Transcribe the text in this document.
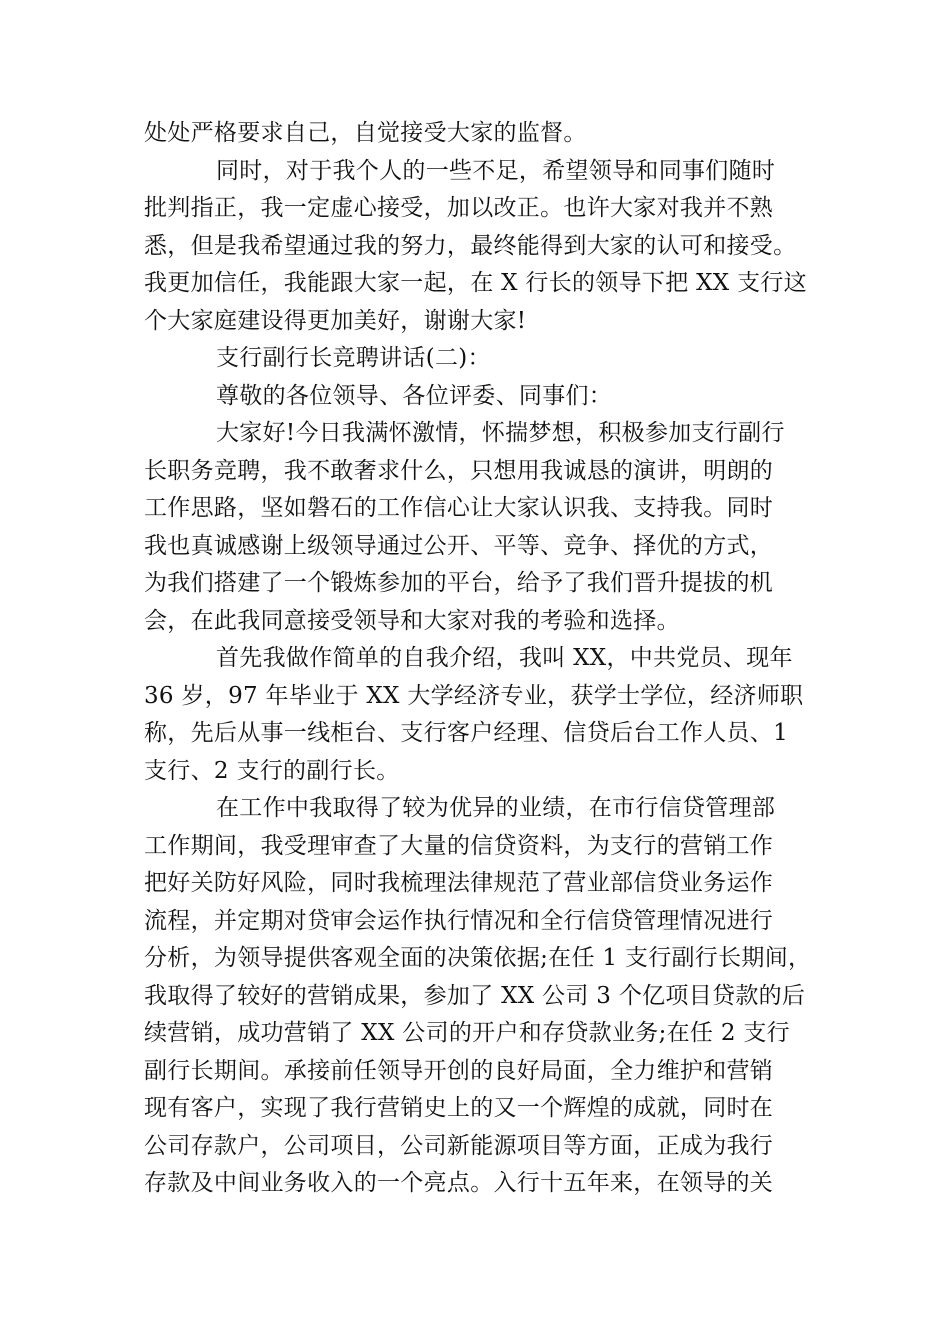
处处严格要求自己，自觉接受大家的监督。
同时，对于我个人的一些不足，希望领导和同事们随时
批判指正，我一定虚心接受，加以改正。也许大家对我并不熟
悉，但是我希望通过我的努力，最终能得到大家的认可和接受。
我更加信任，我能跟大家一起，在 X 行长的领导下把 XX 支行这
个大家庭建设得更加美好，谢谢大家!
支行副行长竞聘讲话(二)：
尊敬的各位领导、各位评委、同事们：
大家好!今日我满怀激情，怀揣梦想，积极参加支行副行
长职务竞聘，我不敢奢求什么，只想用我诚恳的演讲，明朗的
工作思路，坚如磐石的工作信心让大家认识我、支持我。同时
我也真诚感谢上级领导通过公开、平等、竞争、择优的方式，
为我们搭建了一个锻炼参加的平台，给予了我们晋升提拔的机
会，在此我同意接受领导和大家对我的考验和选择。
首先我做作简单的自我介绍，我叫 XX，中共党员、现年
36 岁，97 年毕业于 XX 大学经济专业，获学士学位，经济师职
称，先后从事一线柜台、支行客户经理、信贷后台工作人员、1
支行、2 支行的副行长。
在工作中我取得了较为优异的业绩，在市行信贷管理部
工作期间，我受理审查了大量的信贷资料，为支行的营销工作
把好关防好风险，同时我梳理法律规范了营业部信贷业务运作
流程，并定期对贷审会运作执行情况和全行信贷管理情况进行
分析，为领导提供客观全面的决策依据;在任 1 支行副行长期间，
我取得了较好的营销成果，参加了 XX 公司 3 个亿项目贷款的后
续营销，成功营销了 XX 公司的开户和存贷款业务;在任 2 支行
副行长期间。承接前任领导开创的良好局面，全力维护和营销
现有客户，实现了我行营销史上的又一个辉煌的成就，同时在
公司存款户，公司项目，公司新能源项目等方面，正成为我行
存款及中间业务收入的一个亮点。入行十五年来，在领导的关
